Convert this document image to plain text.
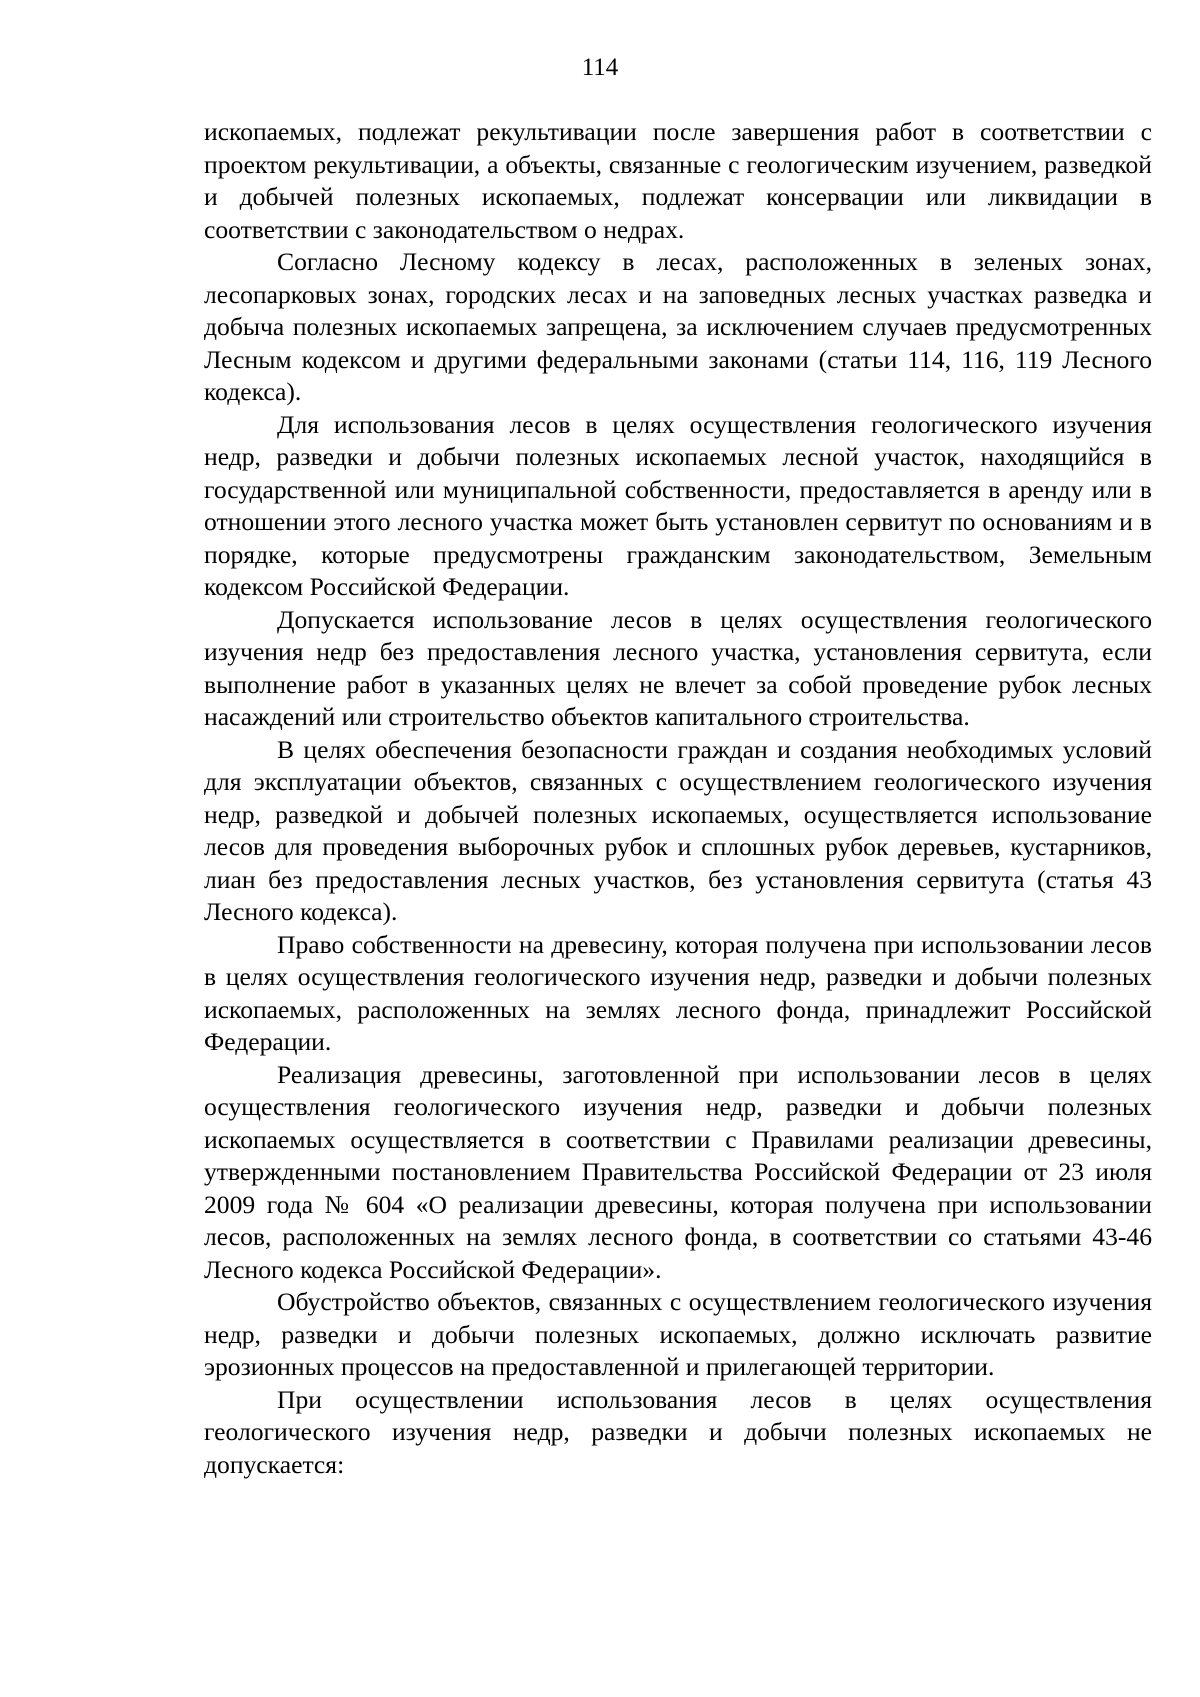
114

ископаемых, подлежат рекультивации после завершения работ в соответствии с проектом рекультивации, а объекты, связанные с геологическим изучением, разведкой и добычей полезных ископаемых, подлежат консервации или ликвидации в соответствии с законодательством о недрах.

Согласно Лесному кодексу в лесах, расположенных в зеленых зонах, лесопарковых зонах, городских лесах и на заповедных лесных участках разведка и добыча полезных ископаемых запрещена, за исключением случаев предусмотренных Лесным кодексом и другими федеральными законами (статьи 114, 116, 119 Лесного кодекса).

Для использования лесов в целях осуществления геологического изучения недр, разведки и добычи полезных ископаемых лесной участок, находящийся в государственной или муниципальной собственности, предоставляется в аренду или в отношении этого лесного участка может быть установлен сервитут по основаниям и в порядке, которые предусмотрены гражданским законодательством, Земельным кодексом Российской Федерации.

Допускается использование лесов в целях осуществления геологического изучения недр без предоставления лесного участка, установления сервитута, если выполнение работ в указанных целях не влечет за собой проведение рубок лесных насаждений или строительство объектов капитального строительства.

В целях обеспечения безопасности граждан и создания необходимых условий для эксплуатации объектов, связанных с осуществлением геологического изучения недр, разведкой и добычей полезных ископаемых, осуществляется использование лесов для проведения выборочных рубок и сплошных рубок деревьев, кустарников, лиан без предоставления лесных участков, без установления сервитута (статья 43 Лесного кодекса).

Право собственности на древесину, которая получена при использовании лесов в целях осуществления геологического изучения недр, разведки и добычи полезных ископаемых, расположенных на землях лесного фонда, принадлежит Российской Федерации.

Реализация древесины, заготовленной при использовании лесов в целях осуществления геологического изучения недр, разведки и добычи полезных ископаемых осуществляется в соответствии с Правилами реализации древесины, утвержденными постановлением Правительства Российской Федерации от 23 июля 2009 года № 604 «О реализации древесины, которая получена при использовании лесов, расположенных на землях лесного фонда, в соответствии со статьями 43-46 Лесного кодекса Российской Федерации».

Обустройство объектов, связанных с осуществлением геологического изучения недр, разведки и добычи полезных ископаемых, должно исключать развитие эрозионных процессов на предоставленной и прилегающей территории.

При осуществлении использования лесов в целях осуществления геологического изучения недр, разведки и добычи полезных ископаемых не допускается:
